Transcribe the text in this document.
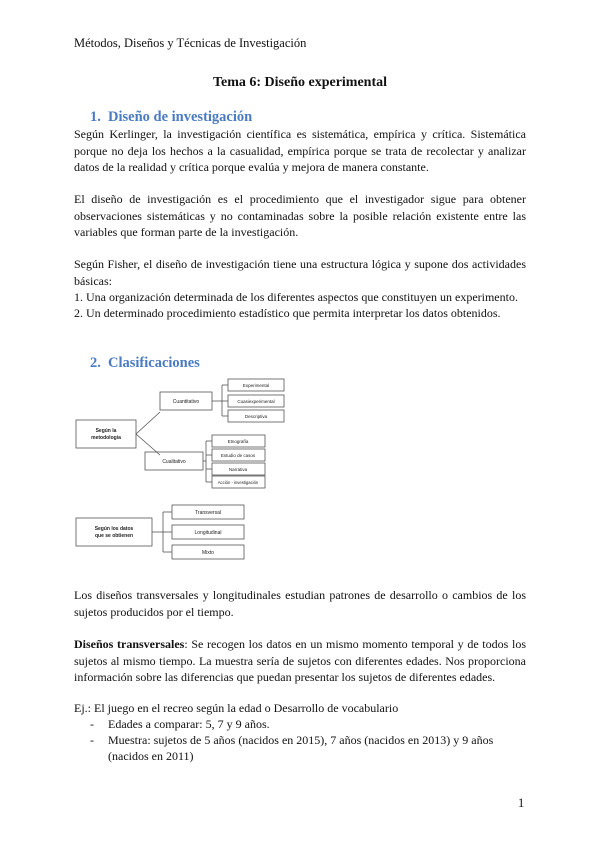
Métodos, Diseños y Técnicas de Investigación
Tema 6: Diseño experimental
1. Diseño de investigación

Según Kerlinger, la investigación científica es sistemática, empírica y crítica. Sistemática porque no deja los hechos a la casualidad, empírica porque se trata de recolectar y analizar datos de la realidad y crítica porque evalúa y mejora de manera constante.

El diseño de investigación es el procedimiento que el investigador sigue para obtener observaciones sistemáticas y no contaminadas sobre la posible relación existente entre las variables que forman parte de la investigación.

Según Fisher, el diseño de investigación tiene una estructura lógica y supone dos actividades básicas:

1. Una organización determinada de los diferentes aspectos que constituyen un experimento.
2. Un determinado procedimiento estadístico que permita interpretar los datos obtenidos.
2. Clasificaciones
Según la
metodología
Cuantitativo
Cualitativo
Experimental
Cuasiexperimental
Descriptiva
Etnografía
Estudio de casos
Narrativa
Acción - investigación
Según los datos
que se obtienen
Transversal
Longitudinal
Mixto

Los diseños transversales y longitudinales estudian patrones de desarrollo o cambios de los sujetos producidos por el tiempo.

Diseños transversales: Se recogen los datos en un mismo momento temporal y de todos los sujetos al mismo tiempo. La muestra sería de sujetos con diferentes edades. Nos proporciona información sobre las diferencias que puedan presentar los sujetos de diferentes edades.

Ej.: El juego en el recreo según la edad o Desarrollo de vocabulario
- Edades a comparar: 5, 7 y 9 años.
- Muestra: sujetos de 5 años (nacidos en 2015), 7 años (nacidos en 2013) y 9 años
(nacidos en 2011)
1
